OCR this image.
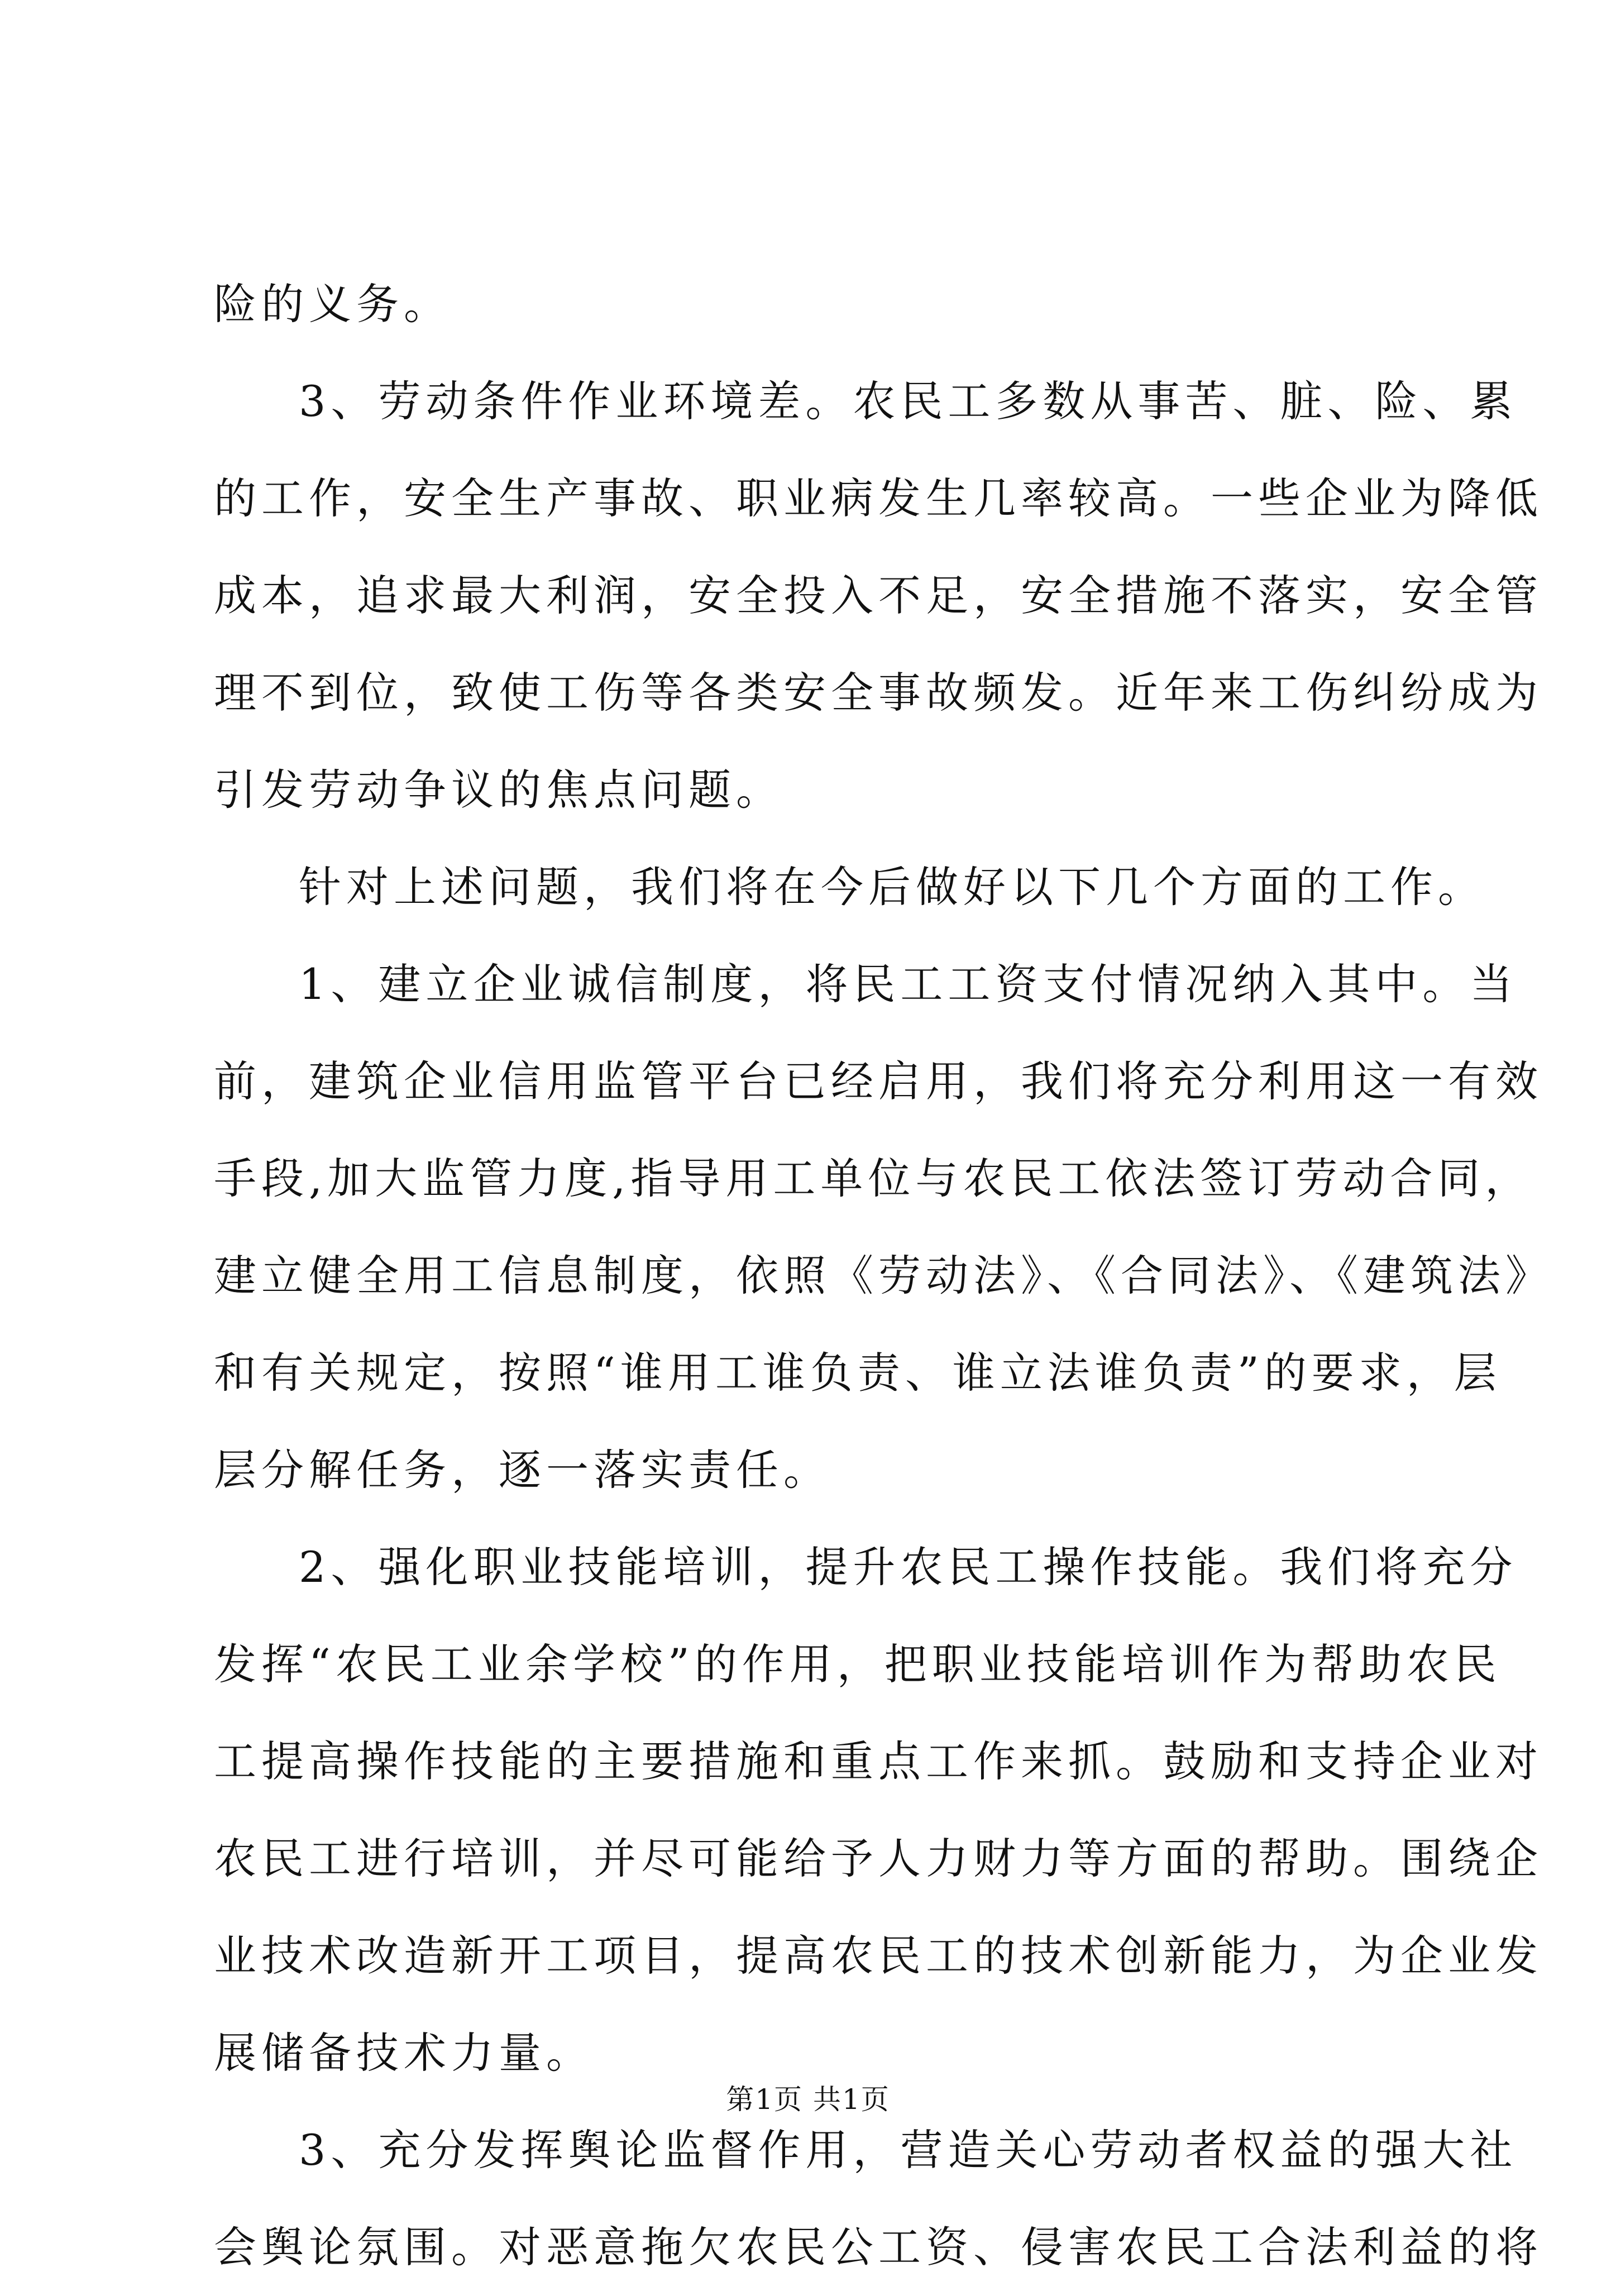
险的义务。
3、劳动条件作业环境差。农民工多数从事苦、脏、险、累
的工作，安全生产事故、职业病发生几率较高。一些企业为降低
成本，追求最大利润，安全投入不足，安全措施不落实，安全管
理不到位，致使工伤等各类安全事故频发。近年来工伤纠纷成为
引发劳动争议的焦点问题。
针对上述问题，我们将在今后做好以下几个方面的工作。
1、建立企业诚信制度，将民工工资支付情况纳入其中。当
前，建筑企业信用监管平台已经启用，我们将充分利用这一有效
手段,加大监管力度,指导用工单位与农民工依法签订劳动合同，
建立健全用工信息制度，依照《劳动法》、《合同法》、《建筑法》
和有关规定，按照“谁用工谁负责、谁立法谁负责”的要求，层
层分解任务，逐一落实责任。
2、强化职业技能培训，提升农民工操作技能。我们将充分
发挥“农民工业余学校”的作用，把职业技能培训作为帮助农民
工提高操作技能的主要措施和重点工作来抓。鼓励和支持企业对
农民工进行培训，并尽可能给予人力财力等方面的帮助。围绕企
业技术改造新开工项目，提高农民工的技术创新能力，为企业发
展储备技术力量。
3、充分发挥舆论监督作用，营造关心劳动者权益的强大社
会舆论氛围。对恶意拖欠农民公工资、侵害农民工合法利益的将
第1页 共1页
